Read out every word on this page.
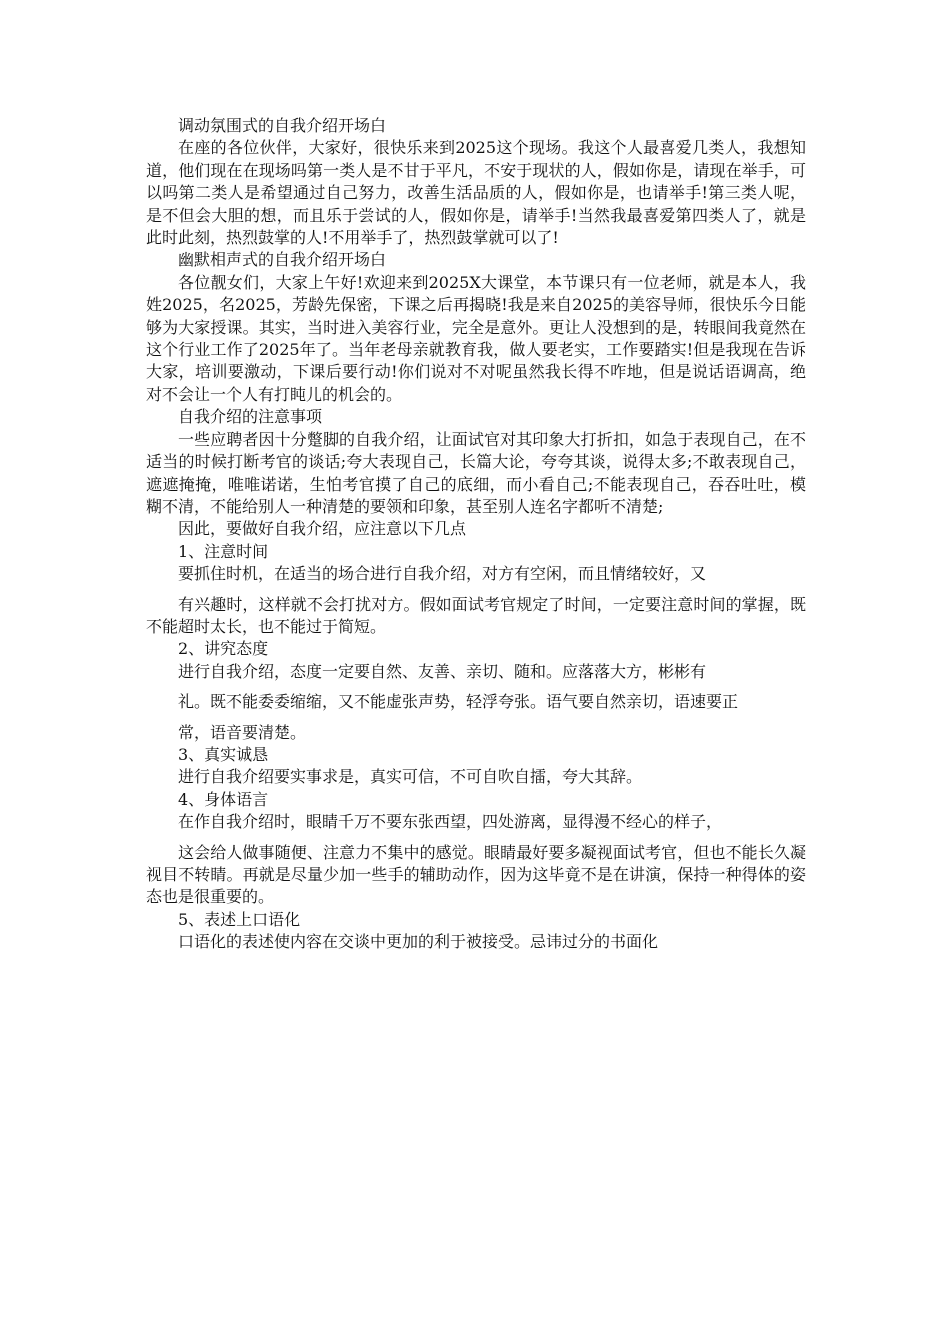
调动氛围式的自我介绍开场白

在座的各位伙伴，大家好，很快乐来到2025这个现场。我这个人最喜爱几类人，我想知道，他们现在在现场吗第一类人是不甘于平凡，不安于现状的人，假如你是，请现在举手，可以吗第二类人是希望通过自己努力，改善生活品质的人，假如你是，也请举手!第三类人呢，是不但会大胆的想，而且乐于尝试的人，假如你是，请举手!当然我最喜爱第四类人了，就是此时此刻，热烈鼓掌的人!不用举手了，热烈鼓掌就可以了!

幽默相声式的自我介绍开场白

各位靓女们，大家上午好!欢迎来到2025X大课堂，本节课只有一位老师，就是本人，我姓2025，名2025，芳龄先保密，下课之后再揭晓!我是来自2025的美容导师，很快乐今日能够为大家授课。其实，当时进入美容行业，完全是意外。更让人没想到的是，转眼间我竟然在这个行业工作了2025年了。当年老母亲就教育我，做人要老实，工作要踏实!但是我现在告诉大家，培训要激动，下课后要行动!你们说对不对呢虽然我长得不咋地，但是说话语调高，绝对不会让一个人有打盹儿的机会的。

自我介绍的注意事项

一些应聘者因十分蹩脚的自我介绍，让面试官对其印象大打折扣，如急于表现自己，在不适当的时候打断考官的谈话;夸大表现自己，长篇大论，夸夸其谈，说得太多;不敢表现自己，遮遮掩掩，唯唯诺诺，生怕考官摸了自己的底细，而小看自己;不能表现自己，吞吞吐吐，模糊不清，不能给别人一种清楚的要领和印象，甚至别人连名字都听不清楚;

因此，要做好自我介绍，应注意以下几点

1、注意时间

要抓住时机，在适当的场合进行自我介绍，对方有空闲，而且情绪较好，又

有兴趣时，这样就不会打扰对方。假如面试考官规定了时间，一定要注意时间的掌握，既不能超时太长，也不能过于简短。

2、讲究态度

进行自我介绍，态度一定要自然、友善、亲切、随和。应落落大方，彬彬有

礼。既不能委委缩缩，又不能虚张声势，轻浮夸张。语气要自然亲切，语速要正

常，语音要清楚。

3、真实诚恳

进行自我介绍要实事求是，真实可信，不可自吹自擂，夸大其辞。

4、身体语言

在作自我介绍时，眼睛千万不要东张西望，四处游离，显得漫不经心的样子，

这会给人做事随便、注意力不集中的感觉。眼睛最好要多凝视面试考官，但也不能长久凝视目不转睛。再就是尽量少加一些手的辅助动作，因为这毕竟不是在讲演，保持一种得体的姿态也是很重要的。

5、表述上口语化

口语化的表述使内容在交谈中更加的利于被接受。忌讳过分的书面化
